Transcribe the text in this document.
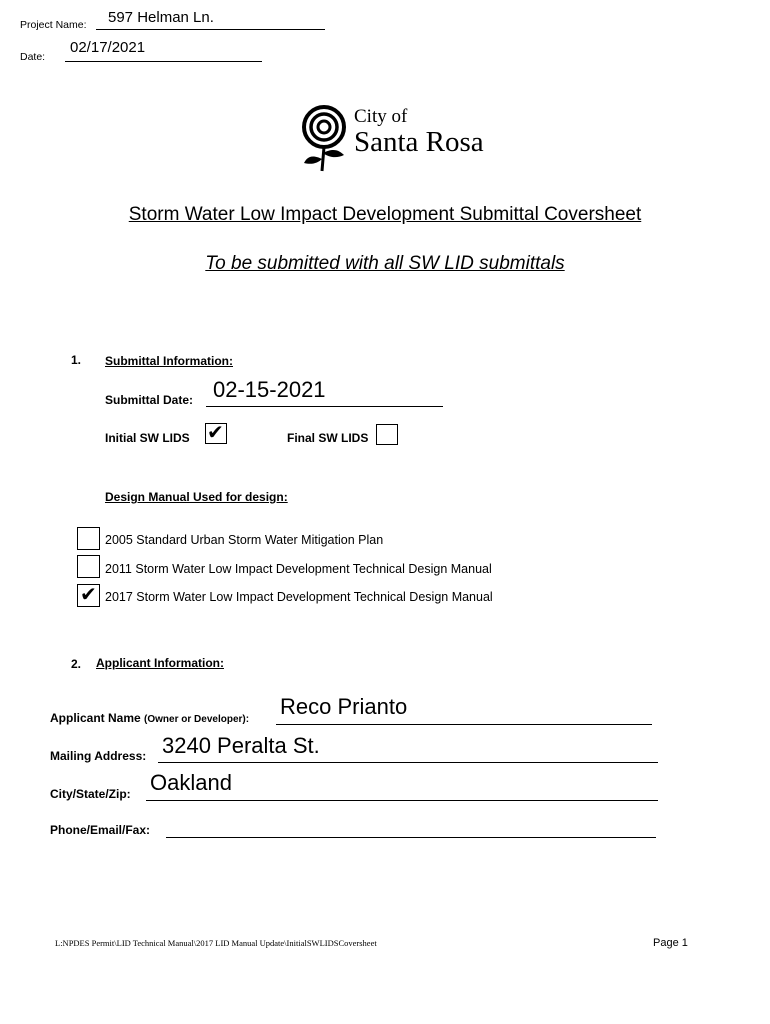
Project Name: 597 Helman Ln.
Date:
02/17/2021
City of
Santa Rosa
Storm Water Low Impact Development Submittal Coversheet
To be submitted with all SW LID submittals
1. Submittal Information:
Submittal Date: 02-15-2021
Initial SW LIDS ✔	Final SW LIDS
Design Manual Used for design:
2005 Standard Urban Storm Water Mitigation Plan
2011 Storm Water Low Impact Development Technical Design Manual
✔ 2017 Storm Water Low Impact Development Technical Design Manual
2. Applicant Information:
Applicant Name (Owner or Developer):
Reco Prianto
Mailing Address: 3240 Peralta St.
City/State/Zip: Oakland
Phone/Email/Fax:
L:NPDES Permit\LID Technical Manual\2017 LID Manual Update\InitialSWLIDSCoversheet	Page 1
